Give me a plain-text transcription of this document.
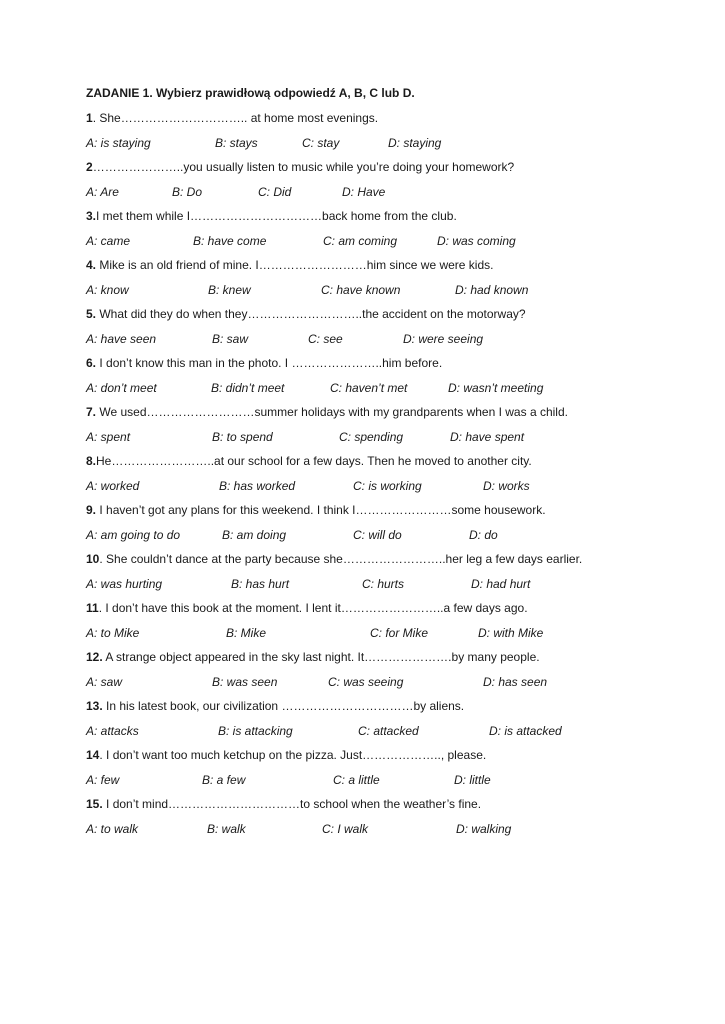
ZADANIE 1. Wybierz prawidłową odpowiedź A, B, C lub D.
1. She………………………….. at home most evenings.
A: is staying	B: stays	C: stay	D: staying
2…………………..you usually listen to music while you’re doing your homework?
A: Are	B: Do	C: Did	D: Have
3.I met them while I……………………………back home from the club.
A: came	B: have come	C: am coming	D: was coming
4. Mike is an old friend of mine. I………………………him since we were kids.
A: know	B: knew	C: have known	D: had known
5. What did they do when they………………………..the accident on the motorway?
A: have seen	B: saw	C: see	D: were seeing
6. I don’t know this man in the photo. I …………………..him before.
A: don’t meet	B: didn’t meet	C: haven’t met	D: wasn’t meeting
7. We used………………………summer holidays with my grandparents when I was a child.
A: spent	B: to spend	C: spending	D: have spent
8.He……………………..at our school for a few days. Then he moved to another city.
A: worked	B: has worked	C: is working	D: works
9. I haven’t got any plans for this weekend. I think I……………………some housework.
A: am going to do	B: am doing	C: will do	D: do
10. She couldn’t dance at the party because she……………………..her leg a few days earlier.
A: was hurting	B: has hurt	C: hurts	D: had hurt
11. I don’t have this book at the moment. I lent it……………………..a few days ago.
A: to Mike	B: Mike	C: for Mike	D: with Mike
12. A strange object appeared in the sky last night. It………………….by many people.
A: saw	B: was seen	C: was seeing	D: has seen
13. In his latest book, our civilization ……………………………by aliens.
A: attacks	B: is attacking	C: attacked	D: is attacked
14. I don’t want too much ketchup on the pizza. Just……………….., please.
A: few	B: a few	C: a little	D: little
15. I don’t mind……………………………to school when the weather’s fine.
A: to walk	B: walk	C: I walk	D: walking
